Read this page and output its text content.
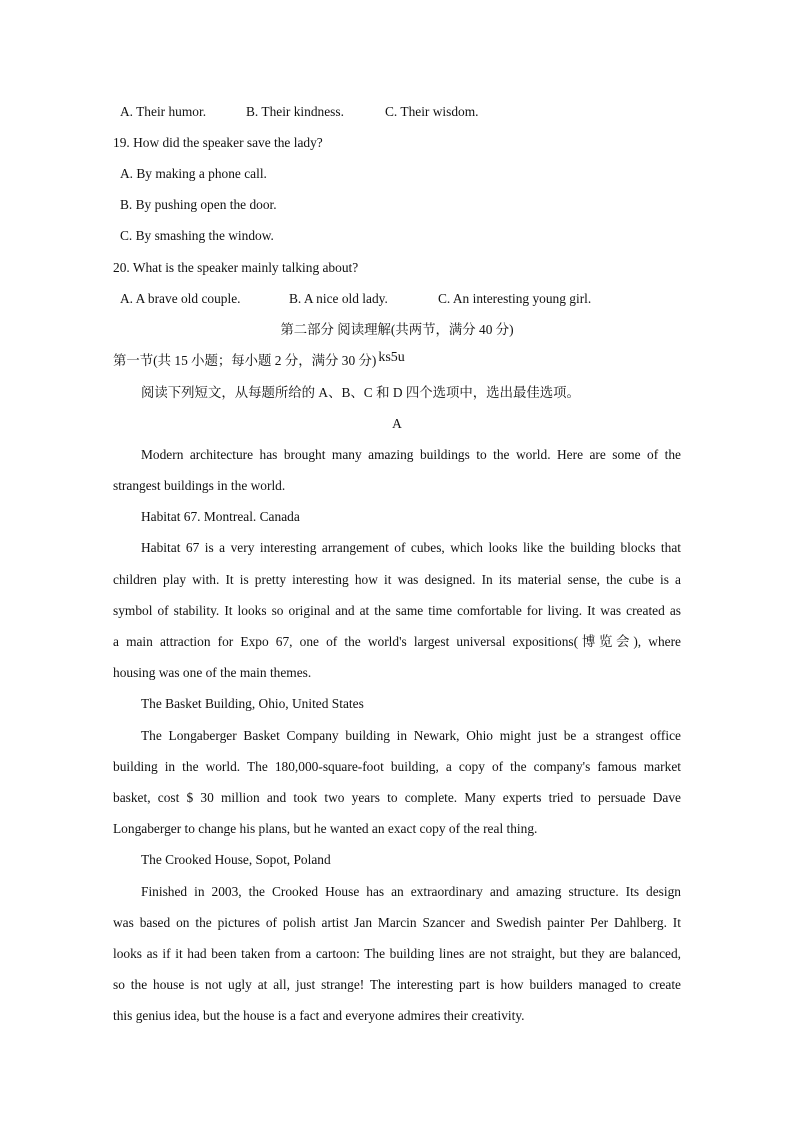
A. Their humor.	B. Their kindness.	C. Their wisdom.
19. How did the speaker save the lady?
A. By making a phone call.
B. By pushing open the door.
C. By smashing the window.
20. What is the speaker mainly talking about?
A. A brave old couple.	B. A nice old lady.	C. An interesting young girl.
第二部分 阅读理解(共两节，满分 40 分)
第一节(共 15 小题；每小题 2 分，满分 30 分) ks5u
阅读下列短文，从每题所给的 A、B、C 和 D 四个选项中，选出最佳选项。
A
Modern architecture has brought many amazing buildings to the world. Here are some of the
strangest buildings in the world.
Habitat 67. Montreal. Canada
Habitat 67 is a very interesting arrangement of cubes, which looks like the building blocks that
children play with. It is pretty interesting how it was designed. In its material sense, the cube is a
symbol of stability. It looks so original and at the same time comfortable for living. It was created as
a main attraction for Expo 67, one of the world's largest universal expositions(博览会), where
housing was one of the main themes.
The Basket Building, Ohio, United States
The Longaberger Basket Company building in Newark, Ohio might just be a strangest office
building in the world. The 180,000-square-foot building, a copy of the company's famous market
basket, cost $ 30 million and took two years to complete. Many experts tried to persuade Dave
Longaberger to change his plans, but he wanted an exact copy of the real thing.
The Crooked House, Sopot, Poland
Finished in 2003, the Crooked House has an extraordinary and amazing structure. Its design
was based on the pictures of polish artist Jan Marcin Szancer and Swedish painter Per Dahlberg. It
looks as if it had been taken from a cartoon: The building lines are not straight, but they are balanced,
so the house is not ugly at all, just strange! The interesting part is how builders managed to create
this genius idea, but the house is a fact and everyone admires their creativity.
